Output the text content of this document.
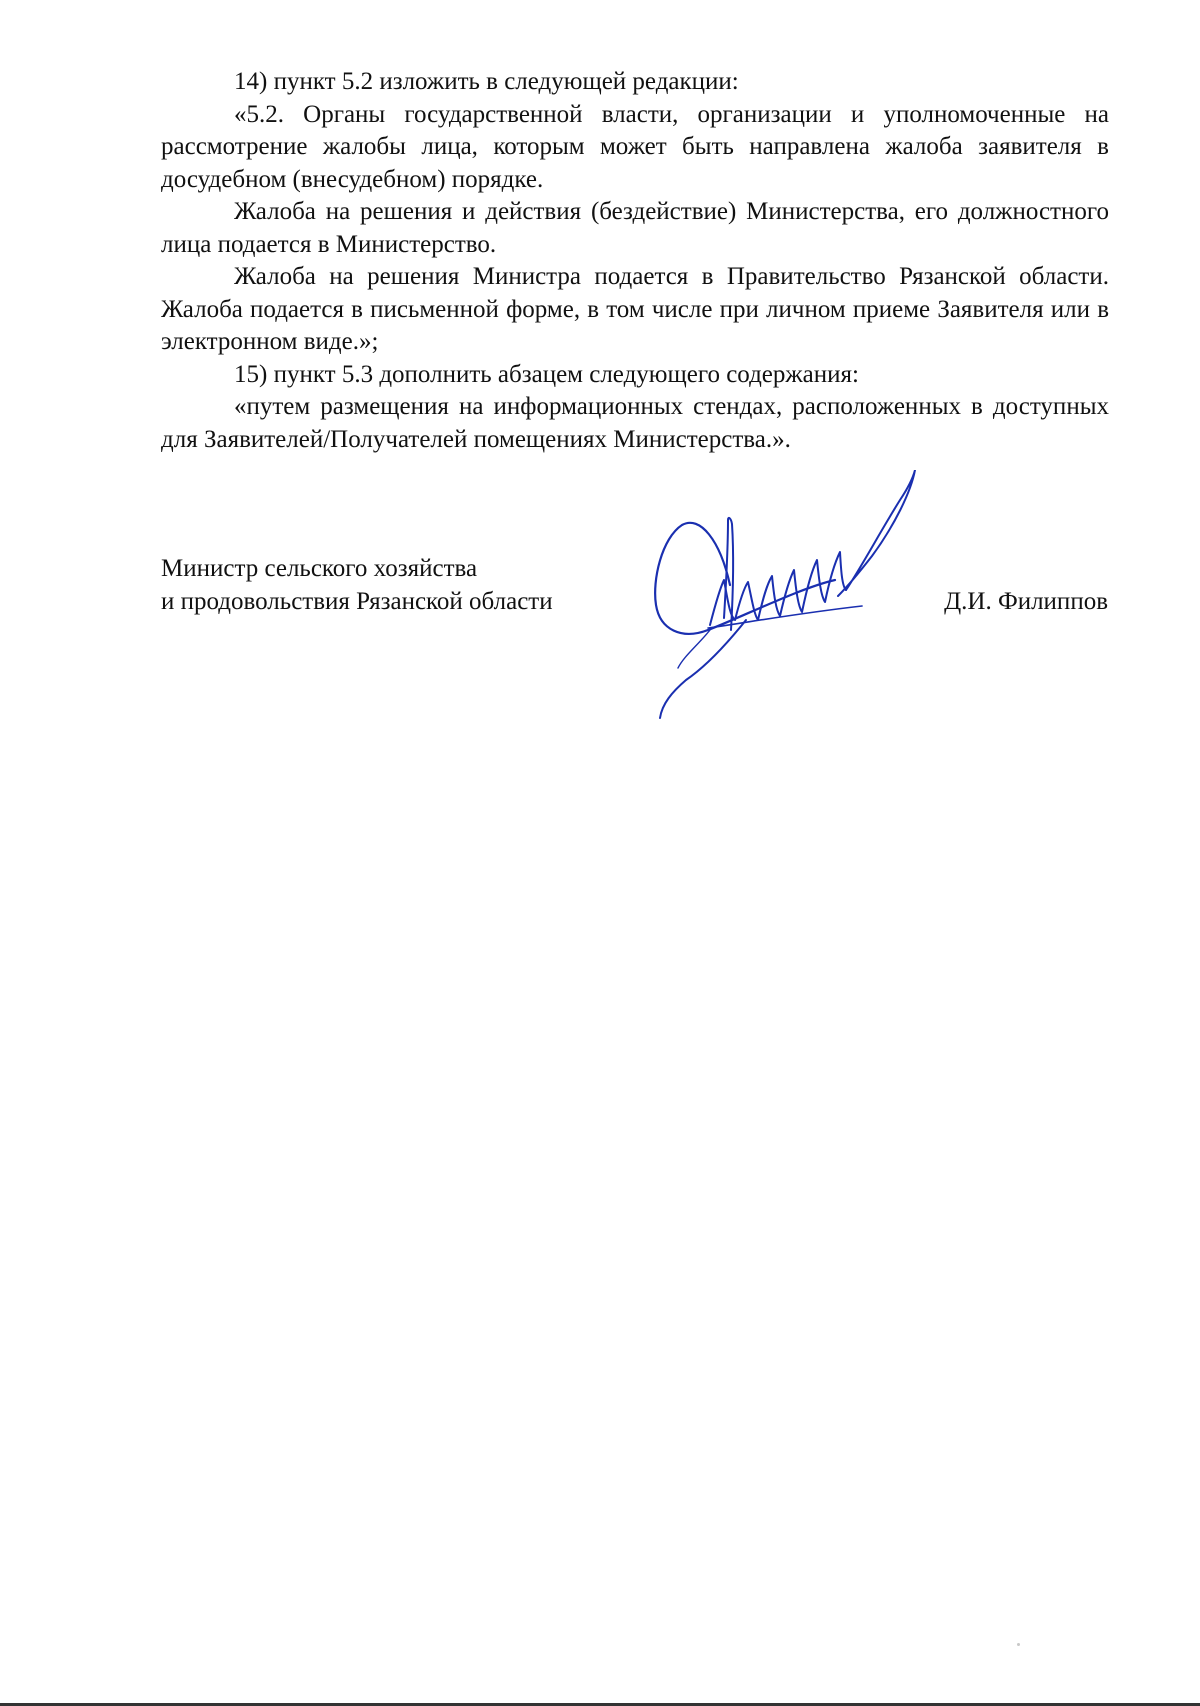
14) пункт 5.2 изложить в следующей редакции:

«5.2. Органы государственной власти, организации и уполномоченные на рассмотрение жалобы лица, которым может быть направлена жалоба заявителя в досудебном (внесудебном) порядке.

Жалоба на решения и действия (бездействие) Министерства, его должностного лица подается в Министерство.

Жалоба на решения Министра подается в Правительство Рязанской области. Жалоба подается в письменной форме, в том числе при личном приеме Заявителя или в электронном виде.»;

15) пункт 5.3 дополнить абзацем следующего содержания:

«путем размещения на информационных стендах, расположенных в доступных для Заявителей/Получателей помещениях Министерства.».

Министр сельского хозяйства
и продовольствия Рязанской области	Д.И. Филиппов
